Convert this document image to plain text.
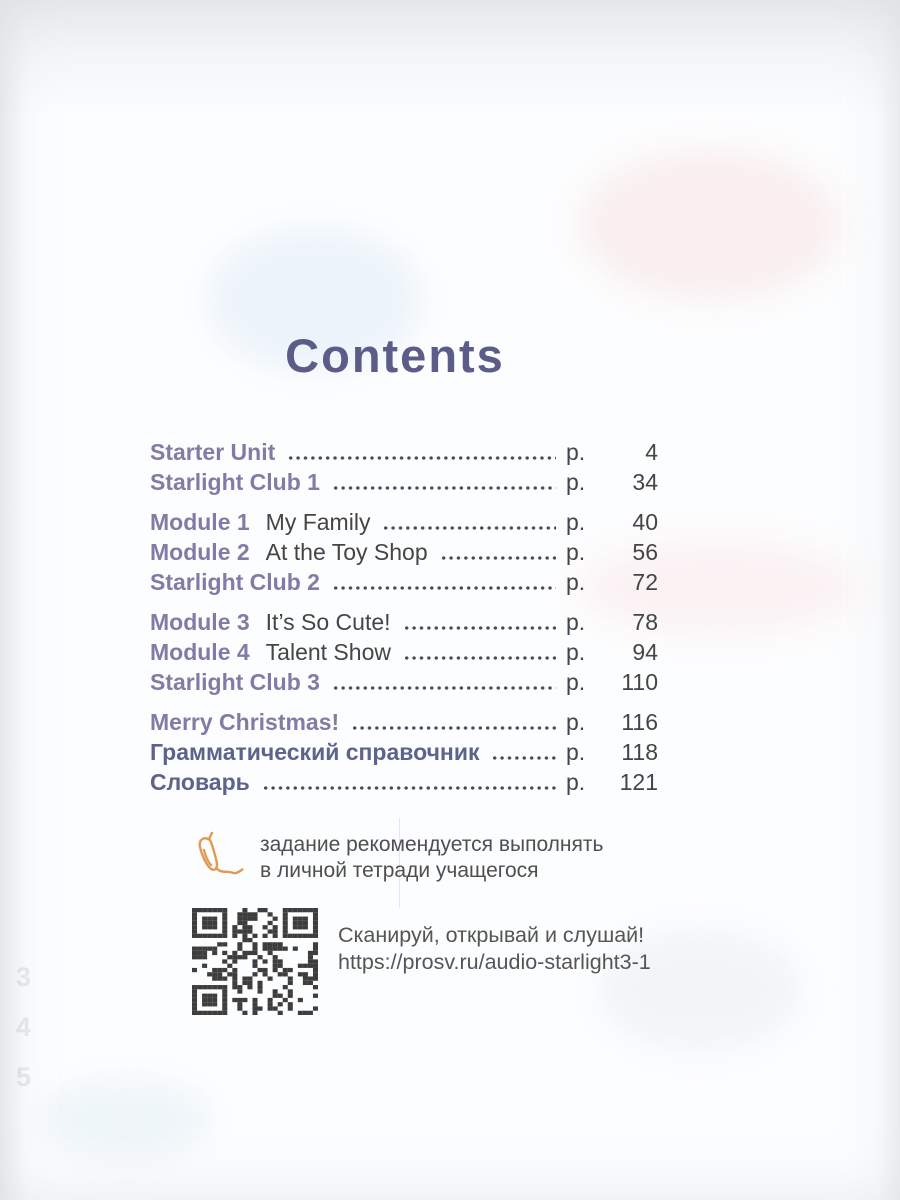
3
4
5
Contents
Starter Unit	p.	4
Starlight Club 1	p.	34
Module 1 My Family	p.	40
Module 2 At the Toy Shop	p.	56
Starlight Club 2	p.	72
Module 3 It’s So Cute!	p.	78
Module 4 Talent Show	p.	94
Starlight Club 3	p.	110
Merry Christmas!	p.	116
Грамматический справочник	p.	118
Словарь	p.	121
задание рекомендуется выполнять
в личной тетради учащегося
Сканируй, открывай и слушай!
https://prosv.ru/audio-starlight3-1
